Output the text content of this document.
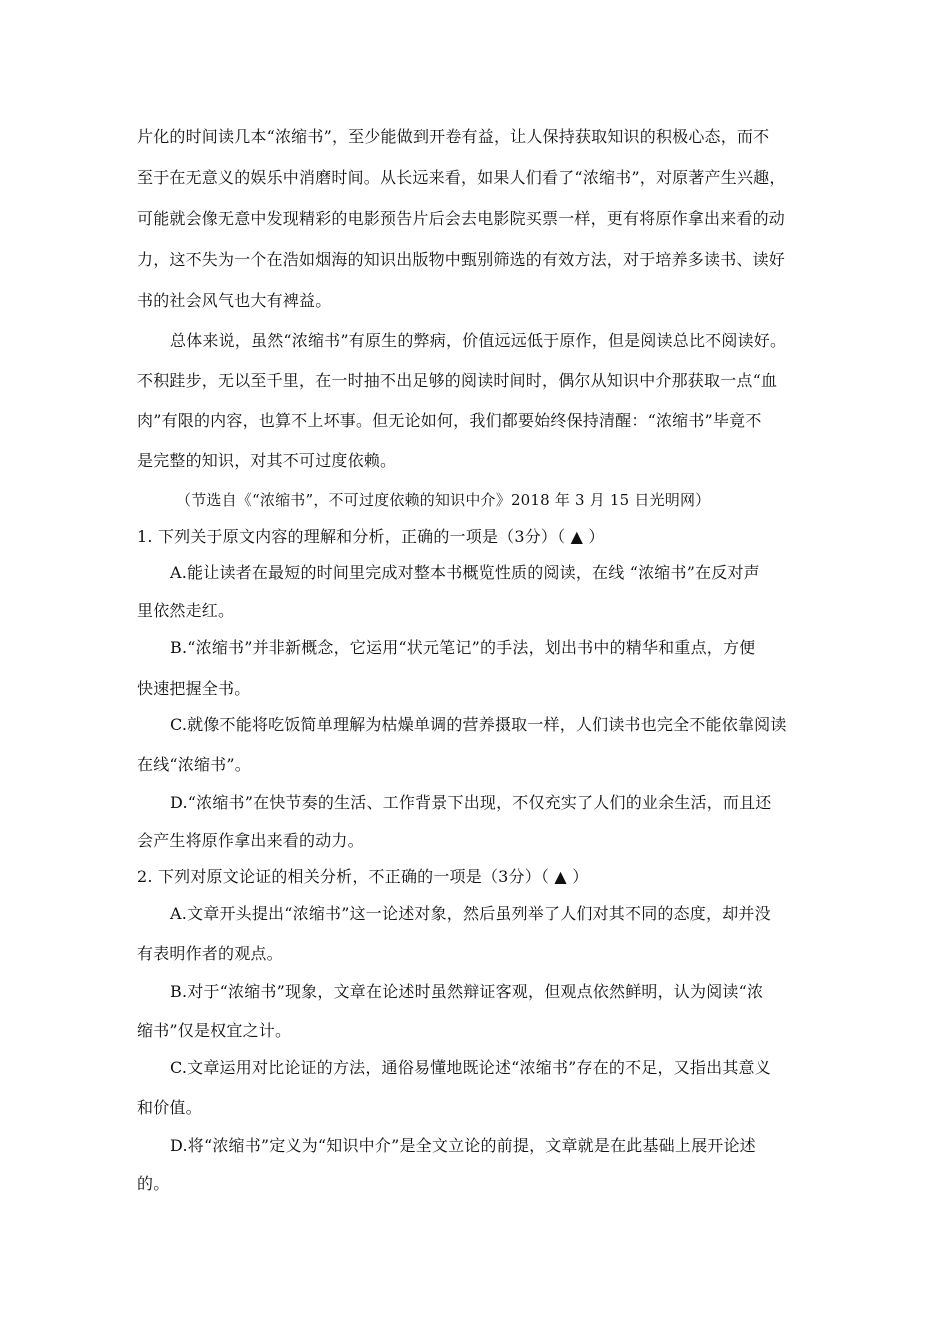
片化的时间读几本“浓缩书”，至少能做到开卷有益，让人保持获取知识的积极心态，而不
至于在无意义的娱乐中消磨时间。从长远来看，如果人们看了“浓缩书”，对原著产生兴趣，
可能就会像无意中发现精彩的电影预告片后会去电影院买票一样，更有将原作拿出来看的动
力，这不失为一个在浩如烟海的知识出版物中甄别筛选的有效方法，对于培养多读书、读好
书的社会风气也大有裨益。
总体来说，虽然“浓缩书”有原生的弊病，价值远远低于原作，但是阅读总比不阅读好。
不积跬步，无以至千里，在一时抽不出足够的阅读时间时，偶尔从知识中介那获取一点“血
肉”有限的内容，也算不上坏事。但无论如何，我们都要始终保持清醒：“浓缩书”毕竟不
是完整的知识，对其不可过度依赖。
（节选自《“浓缩书”，不可过度依赖的知识中介》2018 年 3 月 15 日光明网）
1. 下列关于原文内容的理解和分析，正确的一项是（3分）（ ▲ ）
A.能让读者在最短的时间里完成对整本书概览性质的阅读，在线 “浓缩书”在反对声
里依然走红。
B.“浓缩书”并非新概念，它运用“状元笔记”的手法，划出书中的精华和重点，方便
快速把握全书。
C.就像不能将吃饭简单理解为枯燥单调的营养摄取一样，人们读书也完全不能依靠阅读
在线“浓缩书”。
D.“浓缩书”在快节奏的生活、工作背景下出现，不仅充实了人们的业余生活，而且还
会产生将原作拿出来看的动力。
2. 下列对原文论证的相关分析，不正确的一项是（3分）（ ▲ ）
A.文章开头提出“浓缩书”这一论述对象，然后虽列举了人们对其不同的态度，却并没
有表明作者的观点。
B.对于“浓缩书”现象，文章在论述时虽然辩证客观，但观点依然鲜明，认为阅读“浓
缩书”仅是权宜之计。
C.文章运用对比论证的方法，通俗易懂地既论述“浓缩书”存在的不足，又指出其意义
和价值。
D.将“浓缩书”定义为“知识中介”是全文立论的前提，文章就是在此基础上展开论述
的。
